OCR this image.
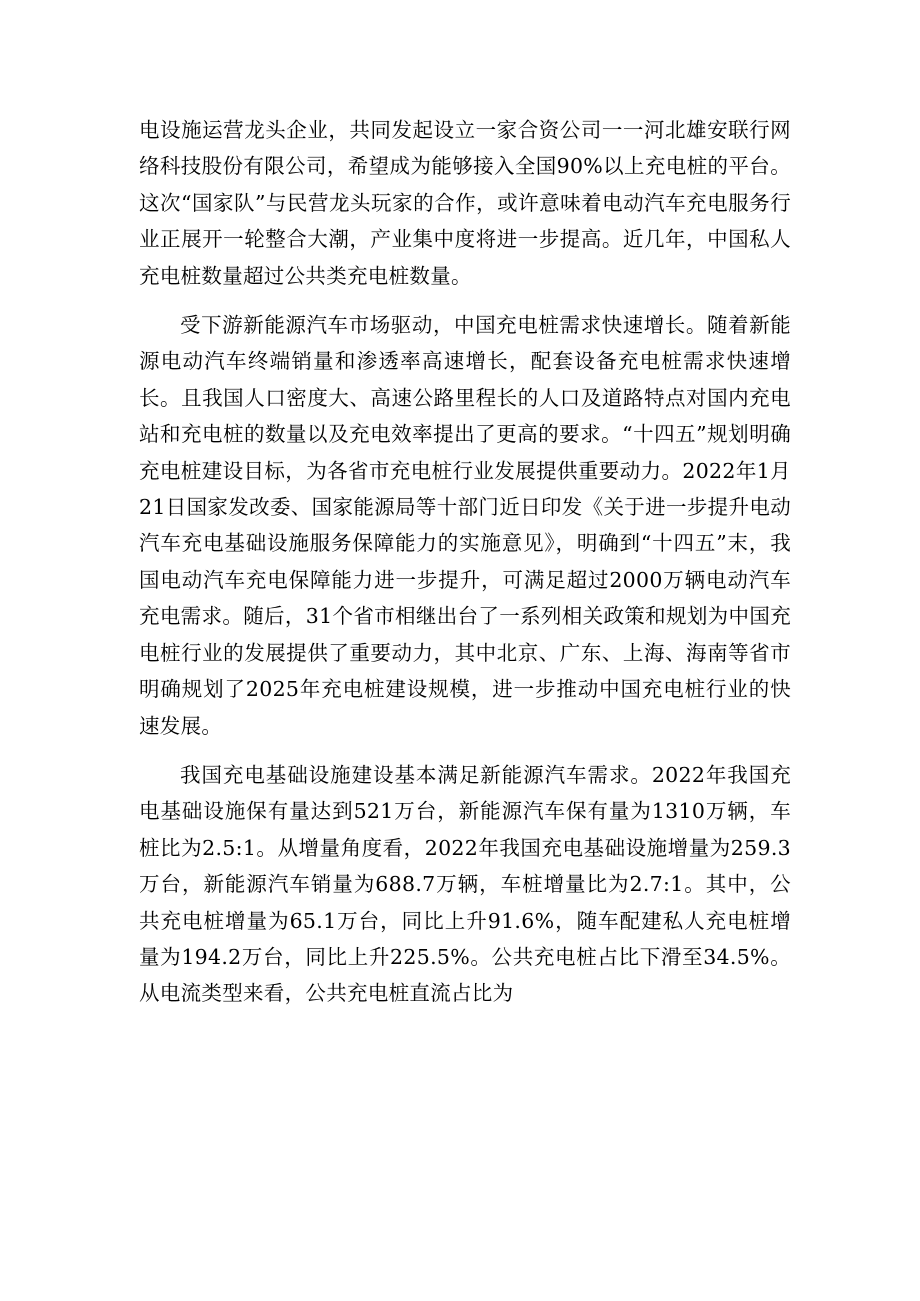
电设施运营龙头企业，共同发起设立一家合资公司一一河北雄安联行网络科技股份有限公司，希望成为能够接入全国90%以上充电桩的平台。这次“国家队”与民营龙头玩家的合作，或许意味着电动汽车充电服务行业正展开一轮整合大潮，产业集中度将进一步提高。近几年，中国私人充电桩数量超过公共类充电桩数量。

受下游新能源汽车市场驱动，中国充电桩需求快速增长。随着新能源电动汽车终端销量和渗透率高速增长，配套设备充电桩需求快速增长。且我国人口密度大、高速公路里程长的人口及道路特点对国内充电站和充电桩的数量以及充电效率提出了更高的要求。“十四五”规划明确充电桩建设目标，为各省市充电桩行业发展提供重要动力。2022年1月21日国家发改委、国家能源局等十部门近日印发《关于进一步提升电动汽车充电基础设施服务保障能力的实施意见》，明确到“十四五”末，我国电动汽车充电保障能力进一步提升，可满足超过2000万辆电动汽车充电需求。随后，31个省市相继出台了一系列相关政策和规划为中国充电桩行业的发展提供了重要动力，其中北京、广东、上海、海南等省市明确规划了2025年充电桩建设规模，进一步推动中国充电桩行业的快速发展。

我国充电基础设施建设基本满足新能源汽车需求。2022年我国充电基础设施保有量达到521万台，新能源汽车保有量为1310万辆，车桩比为2.5:1。从增量角度看，2022年我国充电基础设施增量为259.3万台，新能源汽车销量为688.7万辆，车桩增量比为2.7:1。其中，公共充电桩增量为65.1万台，同比上升91.6%，随车配建私人充电桩增量为194.2万台，同比上升225.5%。公共充电桩占比下滑至34.5%。从电流类型来看，公共充电桩直流占比为
